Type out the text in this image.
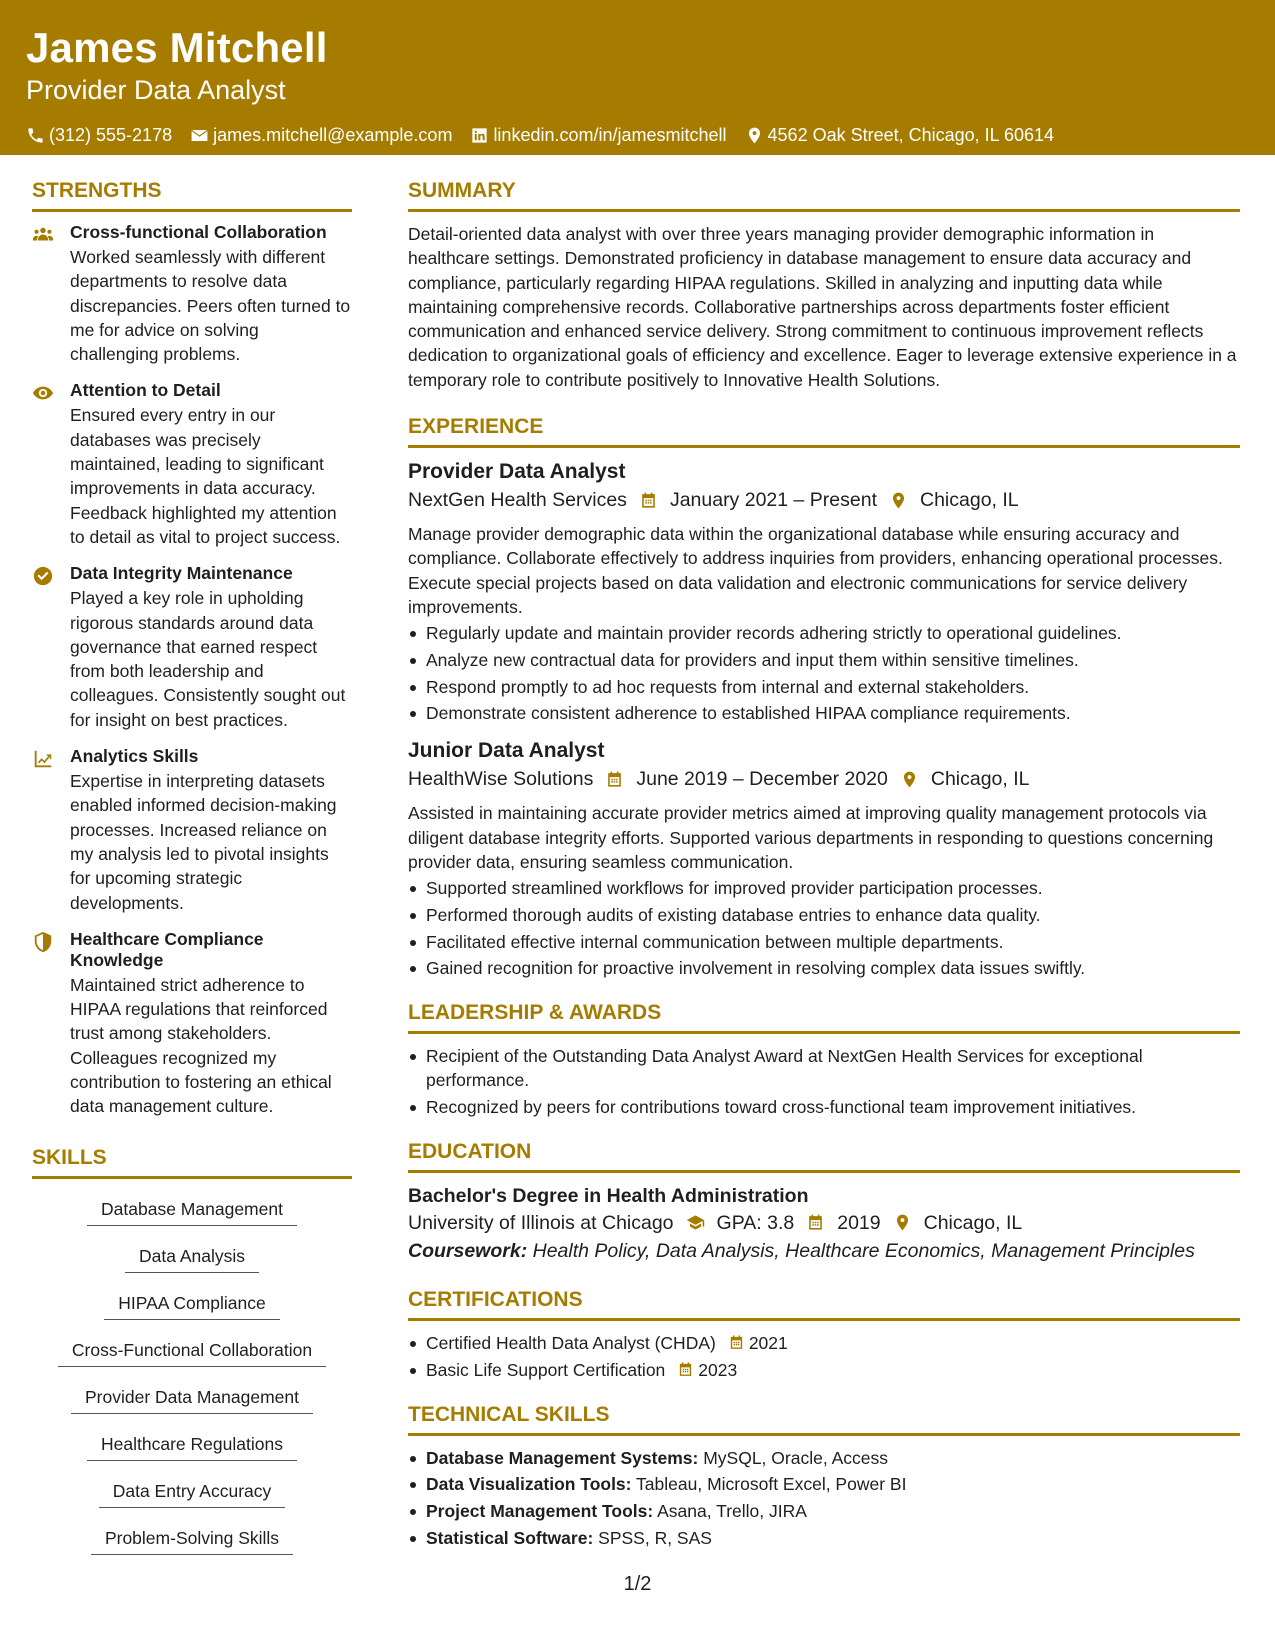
James Mitchell
Provider Data Analyst
(312) 555-2178 james.mitchell@example.com linkedin.com/in/jamesmitchell 4562 Oak Street, Chicago, IL 60614
STRENGTHS
Cross-functional Collaboration
Worked seamlessly with different departments to resolve data discrepancies. Peers often turned to me for advice on solving challenging problems.
Attention to Detail
Ensured every entry in our databases was precisely maintained, leading to significant improvements in data accuracy. Feedback highlighted my attention to detail as vital to project success.
Data Integrity Maintenance
Played a key role in upholding rigorous standards around data governance that earned respect from both leadership and colleagues. Consistently sought out for insight on best practices.
Analytics Skills
Expertise in interpreting datasets enabled informed decision-making processes. Increased reliance on my analysis led to pivotal insights for upcoming strategic developments.
Healthcare Compliance Knowledge
Maintained strict adherence to HIPAA regulations that reinforced trust among stakeholders. Colleagues recognized my contribution to fostering an ethical data management culture.
SKILLS
Database Management
Data Analysis
HIPAA Compliance
Cross-Functional Collaboration
Provider Data Management
Healthcare Regulations
Data Entry Accuracy
Problem-Solving Skills
SUMMARY
Detail-oriented data analyst with over three years managing provider demographic information in healthcare settings. Demonstrated proficiency in database management to ensure data accuracy and compliance, particularly regarding HIPAA regulations. Skilled in analyzing and inputting data while maintaining comprehensive records. Collaborative partnerships across departments foster efficient communication and enhanced service delivery. Strong commitment to continuous improvement reflects dedication to organizational goals of efficiency and excellence. Eager to leverage extensive experience in a temporary role to contribute positively to Innovative Health Solutions.
EXPERIENCE
Provider Data Analyst
NextGen Health Services January 2021 – Present Chicago, IL
Manage provider demographic data within the organizational database while ensuring accuracy and compliance. Collaborate effectively to address inquiries from providers, enhancing operational processes. Execute special projects based on data validation and electronic communications for service delivery improvements.
Regularly update and maintain provider records adhering strictly to operational guidelines.
Analyze new contractual data for providers and input them within sensitive timelines.
Respond promptly to ad hoc requests from internal and external stakeholders.
Demonstrate consistent adherence to established HIPAA compliance requirements.
Junior Data Analyst
HealthWise Solutions June 2019 – December 2020 Chicago, IL
Assisted in maintaining accurate provider metrics aimed at improving quality management protocols via diligent database integrity efforts. Supported various departments in responding to questions concerning provider data, ensuring seamless communication.
Supported streamlined workflows for improved provider participation processes.
Performed thorough audits of existing database entries to enhance data quality.
Facilitated effective internal communication between multiple departments.
Gained recognition for proactive involvement in resolving complex data issues swiftly.
LEADERSHIP & AWARDS
Recipient of the Outstanding Data Analyst Award at NextGen Health Services for exceptional performance.
Recognized by peers for contributions toward cross-functional team improvement initiatives.
EDUCATION
Bachelor's Degree in Health Administration
University of Illinois at Chicago GPA: 3.8 2019 Chicago, IL
Coursework: Health Policy, Data Analysis, Healthcare Economics, Management Principles
CERTIFICATIONS
Certified Health Data Analyst (CHDA) 2021
Basic Life Support Certification 2023
TECHNICAL SKILLS
Database Management Systems: MySQL, Oracle, Access
Data Visualization Tools: Tableau, Microsoft Excel, Power BI
Project Management Tools: Asana, Trello, JIRA
Statistical Software: SPSS, R, SAS
1/2
